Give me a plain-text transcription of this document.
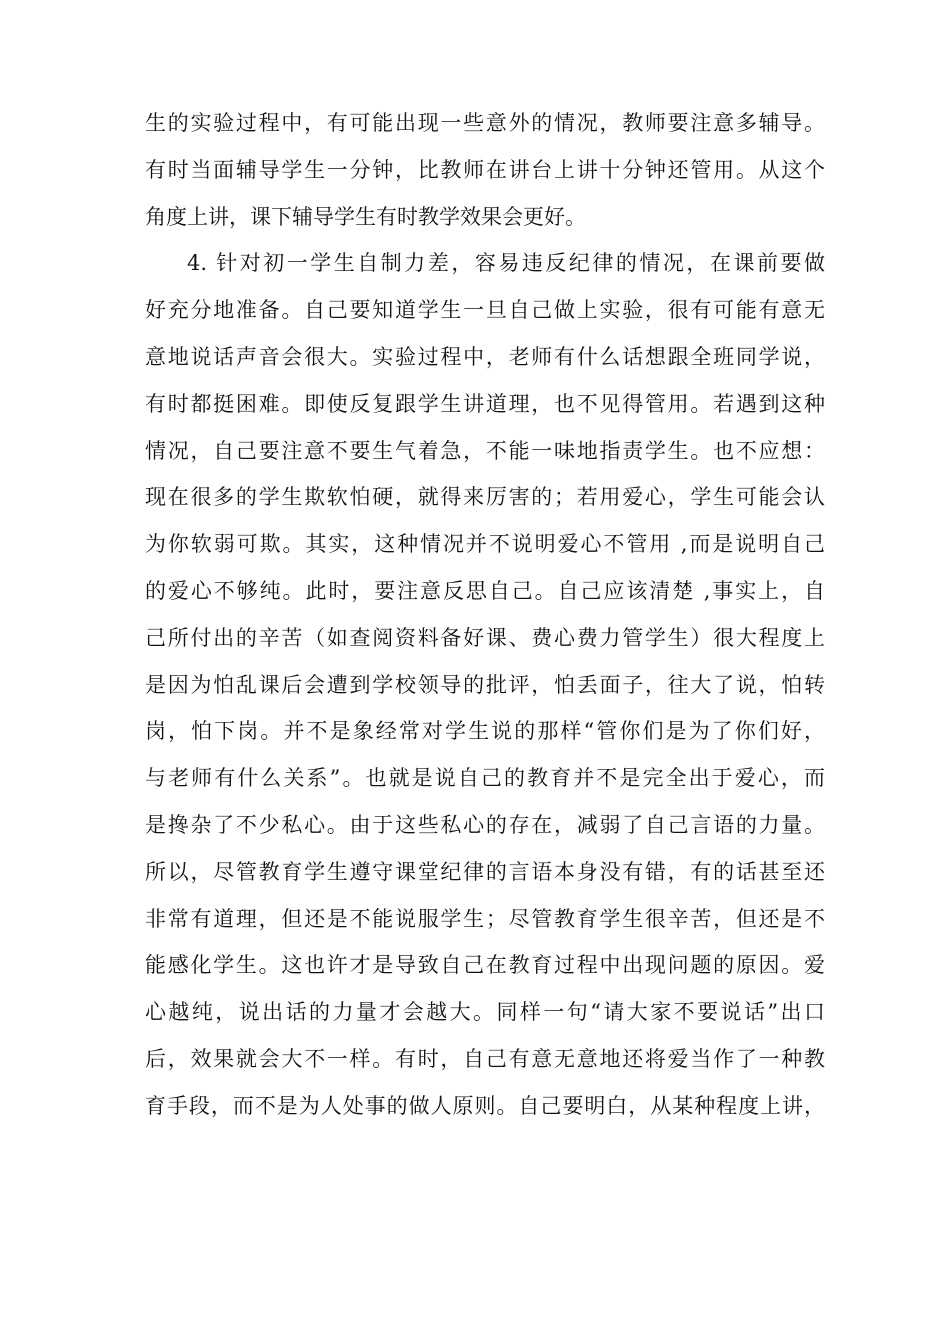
生的实验过程中，有可能出现一些意外的情况，教师要注意多辅导。
有时当面辅导学生一分钟，比教师在讲台上讲十分钟还管用。从这个
角度上讲，课下辅导学生有时教学效果会更好。
4. 针对初一学生自制力差，容易违反纪律的情况，在课前要做
好充分地准备。自己要知道学生一旦自己做上实验，很有可能有意无
意地说话声音会很大。实验过程中，老师有什么话想跟全班同学说，
有时都挺困难。即使反复跟学生讲道理，也不见得管用。若遇到这种
情况，自己要注意不要生气着急，不能一味地指责学生。也不应想：
现在很多的学生欺软怕硬，就得来厉害的；若用爱心，学生可能会认
为你软弱可欺。其实，这种情况并不说明爱心不管用 ,而是说明自己
的爱心不够纯。此时，要注意反思自己。自己应该清楚 ,事实上，自
己所付出的辛苦（如查阅资料备好课、费心费力管学生）很大程度上
是因为怕乱课后会遭到学校领导的批评，怕丢面子，往大了说，怕转
岗，怕下岗。并不是象经常对学生说的那样“管你们是为了你们好，
与老师有什么关系”。也就是说自己的教育并不是完全出于爱心，而
是搀杂了不少私心。由于这些私心的存在，减弱了自己言语的力量。
所以，尽管教育学生遵守课堂纪律的言语本身没有错，有的话甚至还
非常有道理，但还是不能说服学生；尽管教育学生很辛苦，但还是不
能感化学生。这也许才是导致自己在教育过程中出现问题的原因。爱
心越纯，说出话的力量才会越大。同样一句“请大家不要说话”出口
后，效果就会大不一样。有时，自己有意无意地还将爱当作了一种教
育手段，而不是为人处事的做人原则。自己要明白，从某种程度上讲，
